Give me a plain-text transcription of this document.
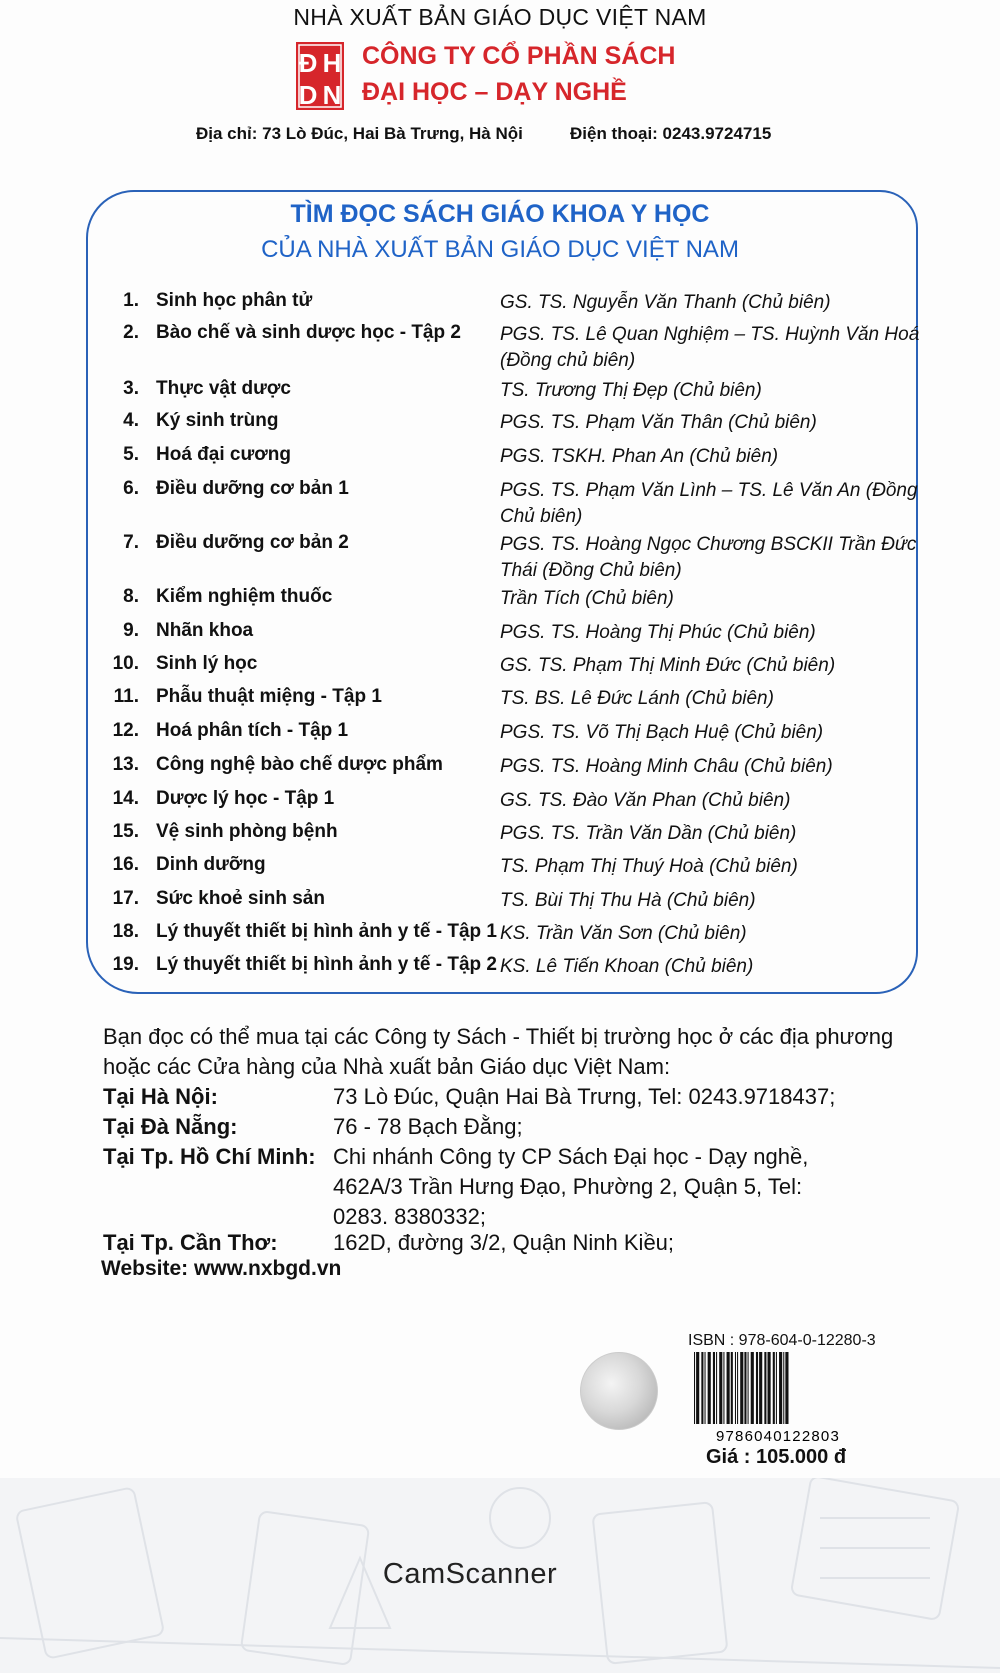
NHÀ XUẤT BẢN GIÁO DỤC VIỆT NAM
Đ H
D N
CÔNG TY CỔ PHẦN SÁCH
ĐẠI HỌC – DẠY NGHỀ
Địa chỉ: 73 Lò Đúc, Hai Bà Trưng, Hà Nội	Điện thoại: 0243.9724715
TÌM ĐỌC SÁCH GIÁO KHOA Y HỌC
CỦA NHÀ XUẤT BẢN GIÁO DỤC VIỆT NAM
1. Sinh học phân tử	GS. TS. Nguyễn Văn Thanh (Chủ biên)
2. Bào chế và sinh dược học - Tập 2	PGS. TS. Lê Quan Nghiệm – TS. Huỳnh Văn Hoá (Đồng chủ biên)
3. Thực vật dược	TS. Trương Thị Đẹp (Chủ biên)
4. Ký sinh trùng	PGS. TS. Phạm Văn Thân (Chủ biên)
5. Hoá đại cương	PGS. TSKH. Phan An (Chủ biên)
6. Điều dưỡng cơ bản 1	PGS. TS. Phạm Văn Lình – TS. Lê Văn An (Đồng Chủ biên)
7. Điều dưỡng cơ bản 2	PGS. TS. Hoàng Ngọc Chương BSCKII Trần Đức Thái (Đồng Chủ biên)
8. Kiểm nghiệm thuốc	Trần Tích (Chủ biên)
9. Nhãn khoa	PGS. TS. Hoàng Thị Phúc (Chủ biên)
10. Sinh lý học	GS. TS. Phạm Thị Minh Đức (Chủ biên)
11. Phẫu thuật miệng - Tập 1	TS. BS. Lê Đức Lánh (Chủ biên)
12. Hoá phân tích - Tập 1	PGS. TS. Võ Thị Bạch Huệ (Chủ biên)
13. Công nghệ bào chế dược phẩm	PGS. TS. Hoàng Minh Châu (Chủ biên)
14. Dược lý học - Tập 1	GS. TS. Đào Văn Phan (Chủ biên)
15. Vệ sinh phòng bệnh	PGS. TS. Trần Văn Dần (Chủ biên)
16. Dinh dưỡng	TS. Phạm Thị Thuý Hoà (Chủ biên)
17. Sức khoẻ sinh sản	TS. Bùi Thị Thu Hà (Chủ biên)
18. Lý thuyết thiết bị hình ảnh y tế - Tập 1 KS. Trần Văn Sơn (Chủ biên)
19. Lý thuyết thiết bị hình ảnh y tế - Tập 2 KS. Lê Tiến Khoan (Chủ biên)
Bạn đọc có thể mua tại các Công ty Sách - Thiết bị trường học ở các địa phương hoặc các Cửa hàng của Nhà xuất bản Giáo dục Việt Nam:
Tại Hà Nội:	73 Lò Đúc, Quận Hai Bà Trưng, Tel: 0243.9718437;
Tại Đà Nẵng:	76 - 78 Bạch Đằng;
Tại Tp. Hồ Chí Minh: Chi nhánh Công ty CP Sách Đại học - Dạy nghề, 462A/3 Trần Hưng Đạo, Phường 2, Quận 5, Tel: 0283. 8380332;
Tại Tp. Cần Thơ:	162D, đường 3/2, Quận Ninh Kiều;
Website: www.nxbgd.vn
ISBN : 978-604-0-12280-3
9786040122803
Giá : 105.000 đ
CamScanner
